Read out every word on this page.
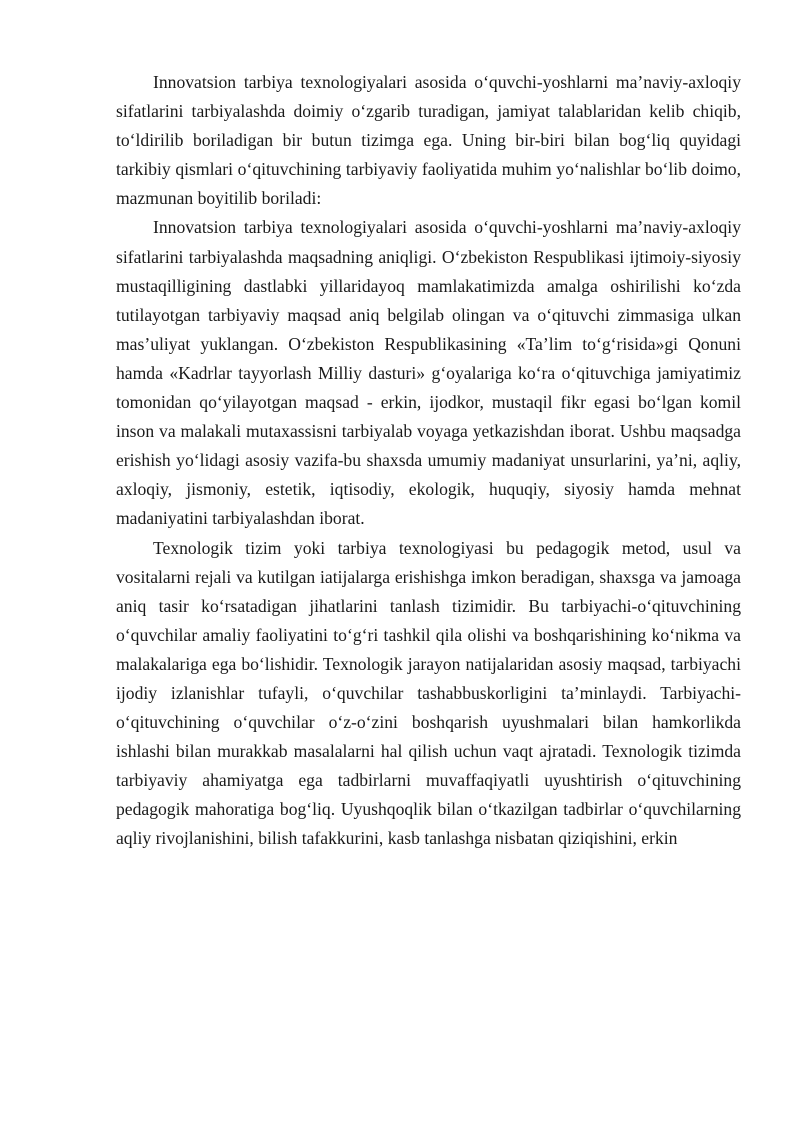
Innovatsion tarbiya texnologiyalari asosida o‘quvchi-yoshlarni ma’naviy-axloqiy sifatlarini tarbiyalashda doimiy o‘zgarib turadigan, jamiyat talablaridan kelib chiqib, to‘ldirilib boriladigan bir butun tizimga ega. Uning bir-biri bilan bog‘liq quyidagi tarkibiy qismlari o‘qituvchining tarbiyaviy faoliyatida muhim yo‘nalishlar bo‘lib doimo, mazmunan boyitilib boriladi:

Innovatsion tarbiya texnologiyalari asosida o‘quvchi-yoshlarni ma’naviy-axloqiy sifatlarini tarbiyalashda maqsadning aniqligi. O‘zbekiston Respublikasi ijtimoiy-siyosiy mustaqilligining dastlabki yillaridayoq mamlakatimizda amalga oshirilishi ko‘zda tutilayotgan tarbiyaviy maqsad aniq belgilab olingan va o‘qituvchi zimmasiga ulkan mas’uliyat yuklangan. O‘zbekiston Respublikasining «Ta’lim to‘g‘risida»gi Qonuni hamda «Kadrlar tayyorlash Milliy dasturi» g‘oyalariga ko‘ra o‘qituvchiga jamiyatimiz tomonidan qo‘yilayotgan maqsad - erkin, ijodkor, mustaqil fikr egasi bo‘lgan komil inson va malakali mutaxassisni tarbiyalab voyaga yetkazishdan iborat. Ushbu maqsadga erishish yo‘lidagi asosiy vazifa-bu shaxsda umumiy madaniyat unsurlarini, ya’ni, aqliy, axloqiy, jismoniy, estetik, iqtisodiy, ekologik, huquqiy, siyosiy hamda mehnat madaniyatini tarbiyalashdan iborat.

Texnologik tizim yoki tarbiya texnologiyasi bu pedagogik metod, usul va vositalarni rejali va kutilgan iatijalarga erishishga imkon beradigan, shaxsga va jamoaga aniq tasir ko‘rsatadigan jihatlarini tanlash tizimidir. Bu tarbiyachi-o‘qituvchining o‘quvchilar amaliy faoliyatini to‘g‘ri tashkil qila olishi va boshqarishining ko‘nikma va malakalariga ega bo‘lishidir. Texnologik jarayon natijalaridan asosiy maqsad, tarbiyachi ijodiy izlanishlar tufayli, o‘quvchilar tashabbuskorligini ta’minlaydi. Tarbiyachi-o‘qituvchining o‘quvchilar o‘z-o‘zini boshqarish uyushmalari bilan hamkorlikda ishlashi bilan murakkab masalalarni hal qilish uchun vaqt ajratadi. Texnologik tizimda tarbiyaviy ahamiyatga ega tadbirlarni muvaffaqiyatli uyushtirish o‘qituvchining pedagogik mahoratiga bog‘liq. Uyushqoqlik bilan o‘tkazilgan tadbirlar o‘quvchilarning aqliy rivojlanishini, bilish tafakkurini, kasb tanlashga nisbatan qiziqishini, erkin
